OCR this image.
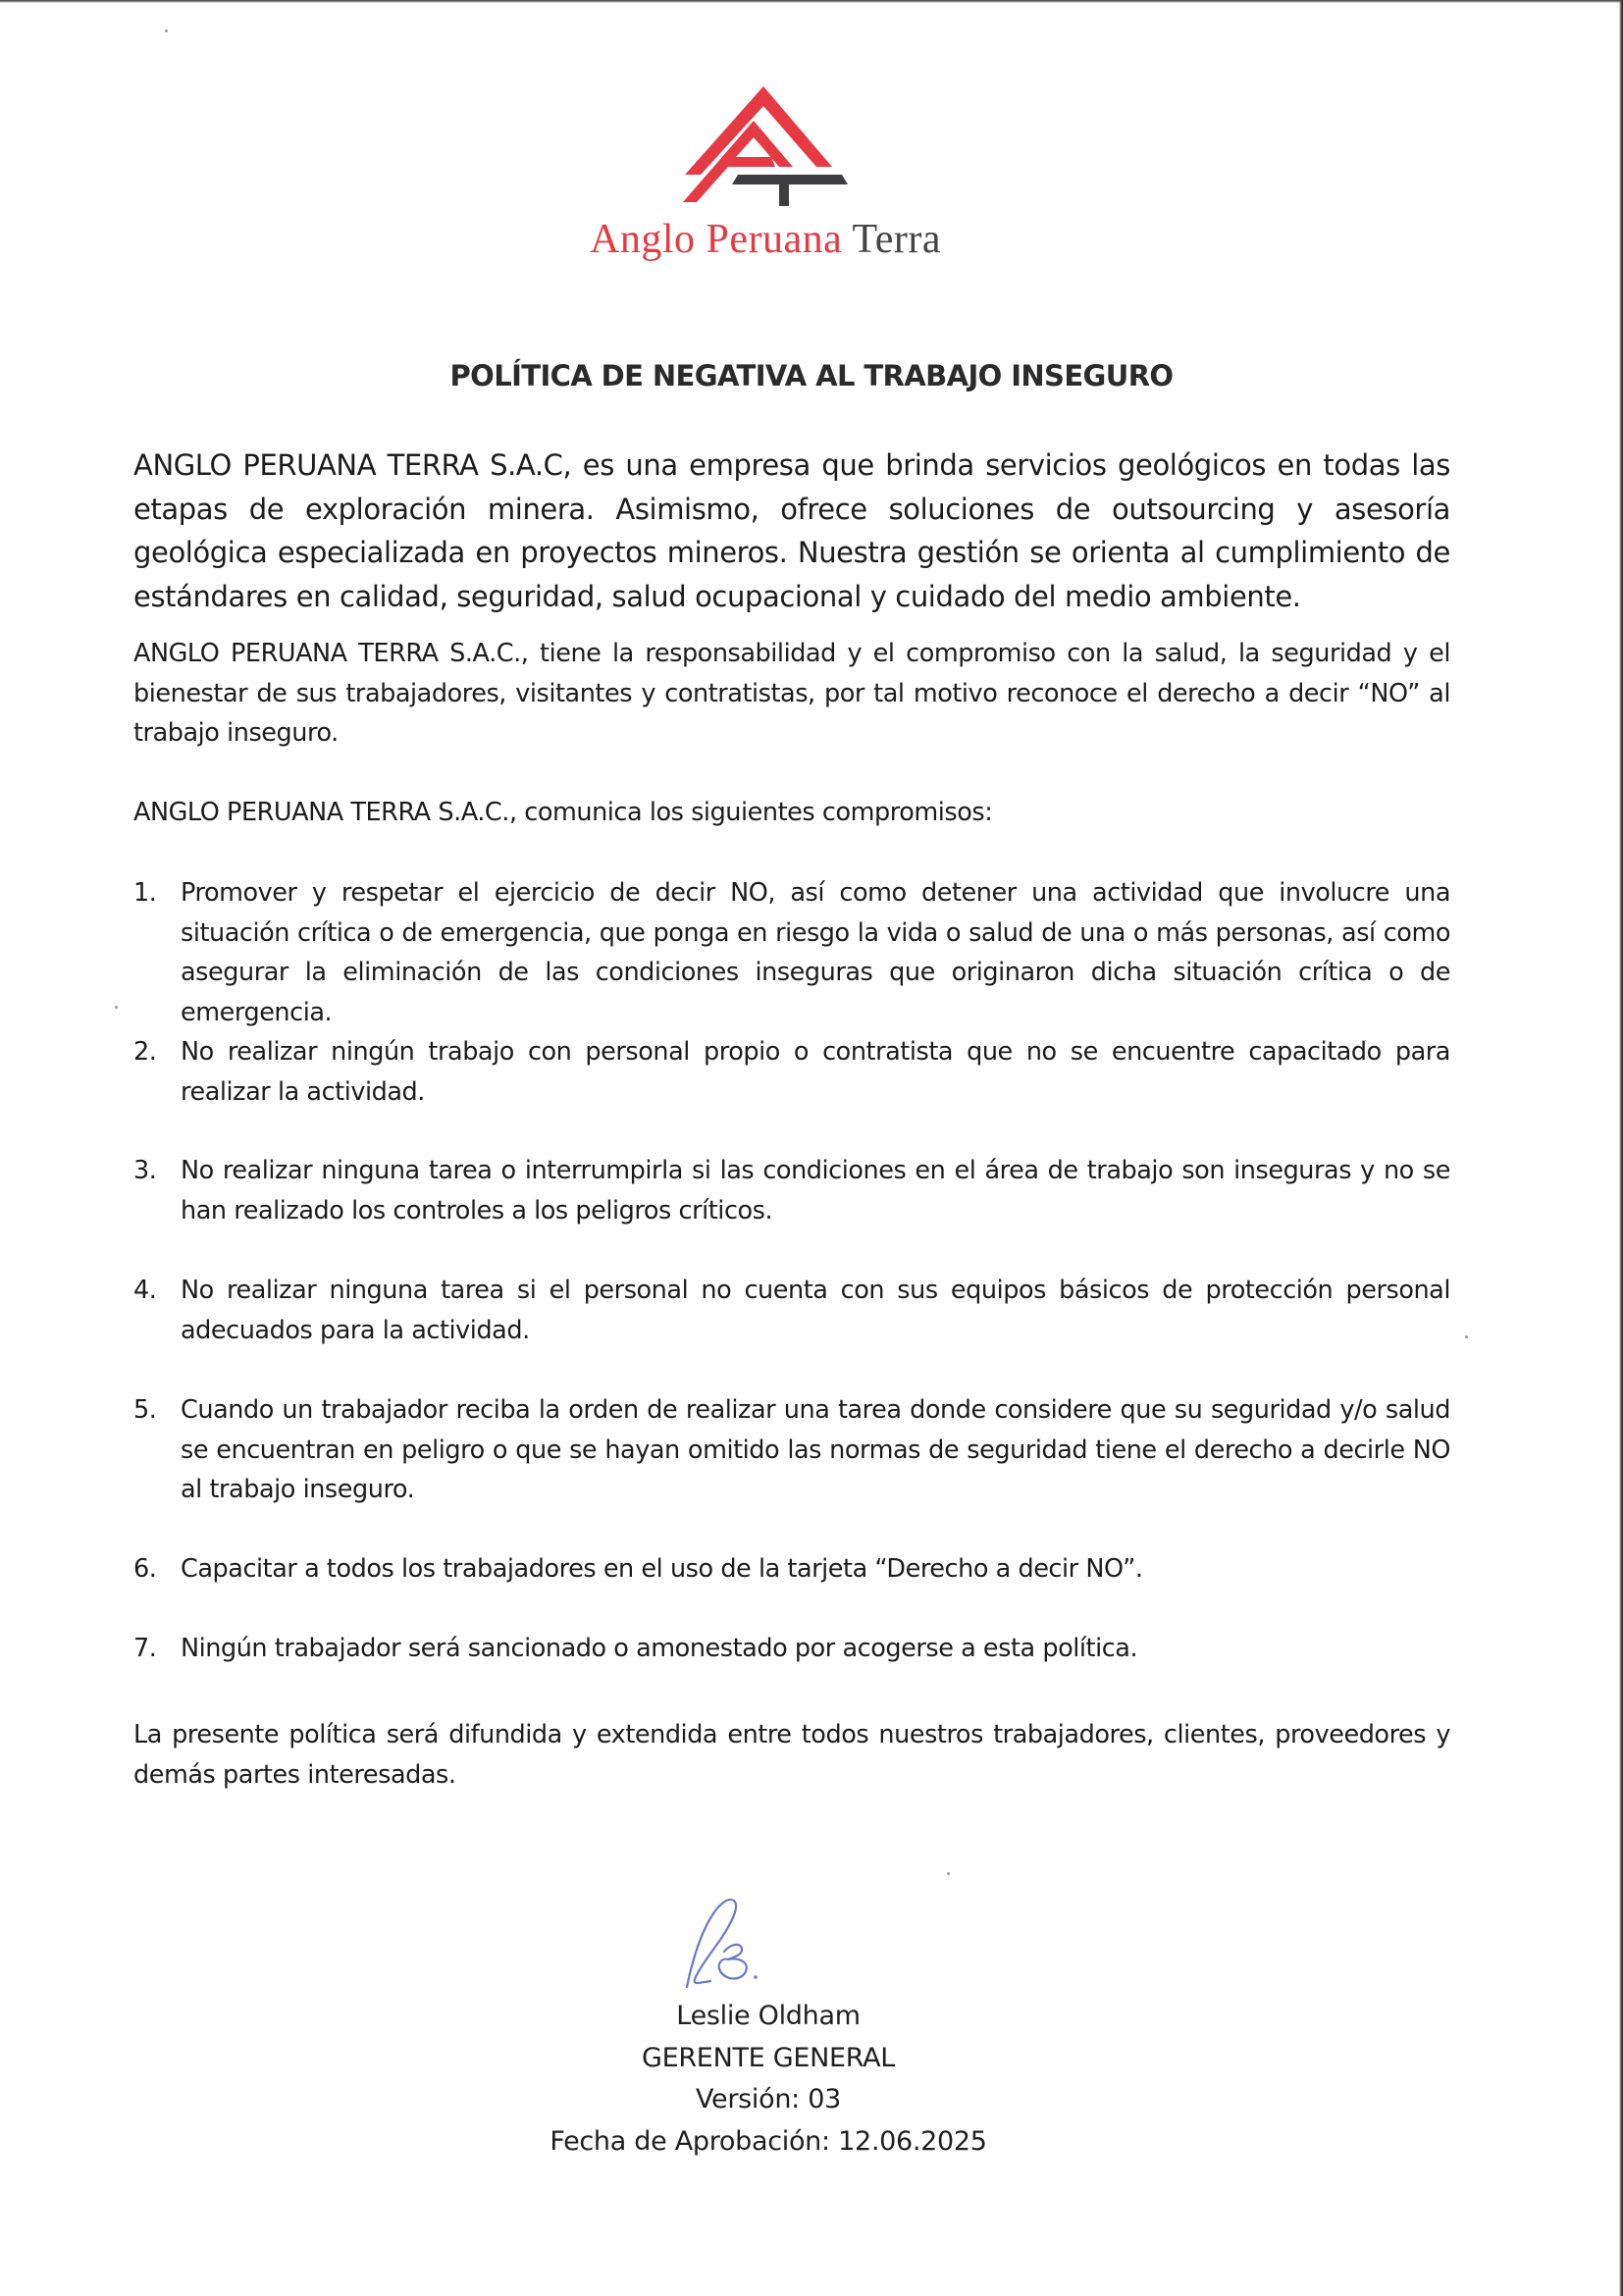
Anglo Peruana Terra
POLÍTICA DE NEGATIVA AL TRABAJO INSEGURO

ANGLO PERUANA TERRA S.A.C, es una empresa que brinda servicios geológicos en todas las etapas de exploración minera. Asimismo, ofrece soluciones de outsourcing y asesoría geológica especializada en proyectos mineros. Nuestra gestión se orienta al cumplimiento de estándares en calidad, seguridad, salud ocupacional y cuidado del medio ambiente.

ANGLO PERUANA TERRA S.A.C., tiene la responsabilidad y el compromiso con la salud, la seguridad y el bienestar de sus trabajadores, visitantes y contratistas, por tal motivo reconoce el derecho a decir “NO” al trabajo inseguro.

ANGLO PERUANA TERRA S.A.C., comunica los siguientes compromisos:

1. Promover y respetar el ejercicio de decir NO, así como detener una actividad que involucre una situación crítica o de emergencia, que ponga en riesgo la vida o salud de una o más personas, así como asegurar la eliminación de las condiciones inseguras que originaron dicha situación crítica o de emergencia.
2. No realizar ningún trabajo con personal propio o contratista que no se encuentre capacitado para realizar la actividad.
3. No realizar ninguna tarea o interrumpirla si las condiciones en el área de trabajo son inseguras y no se han realizado los controles a los peligros críticos.
4. No realizar ninguna tarea si el personal no cuenta con sus equipos básicos de protección personal adecuados para la actividad.
5. Cuando un trabajador reciba la orden de realizar una tarea donde considere que su seguridad y/o salud se encuentran en peligro o que se hayan omitido las normas de seguridad tiene el derecho a decirle NO al trabajo inseguro.
6. Capacitar a todos los trabajadores en el uso de la tarjeta “Derecho a decir NO”.
7. Ningún trabajador será sancionado o amonestado por acogerse a esta política.

La presente política será difundida y extendida entre todos nuestros trabajadores, clientes, proveedores y demás partes interesadas.

Leslie Oldham
GERENTE GENERAL
Versión: 03
Fecha de Aprobación: 12.06.2025
